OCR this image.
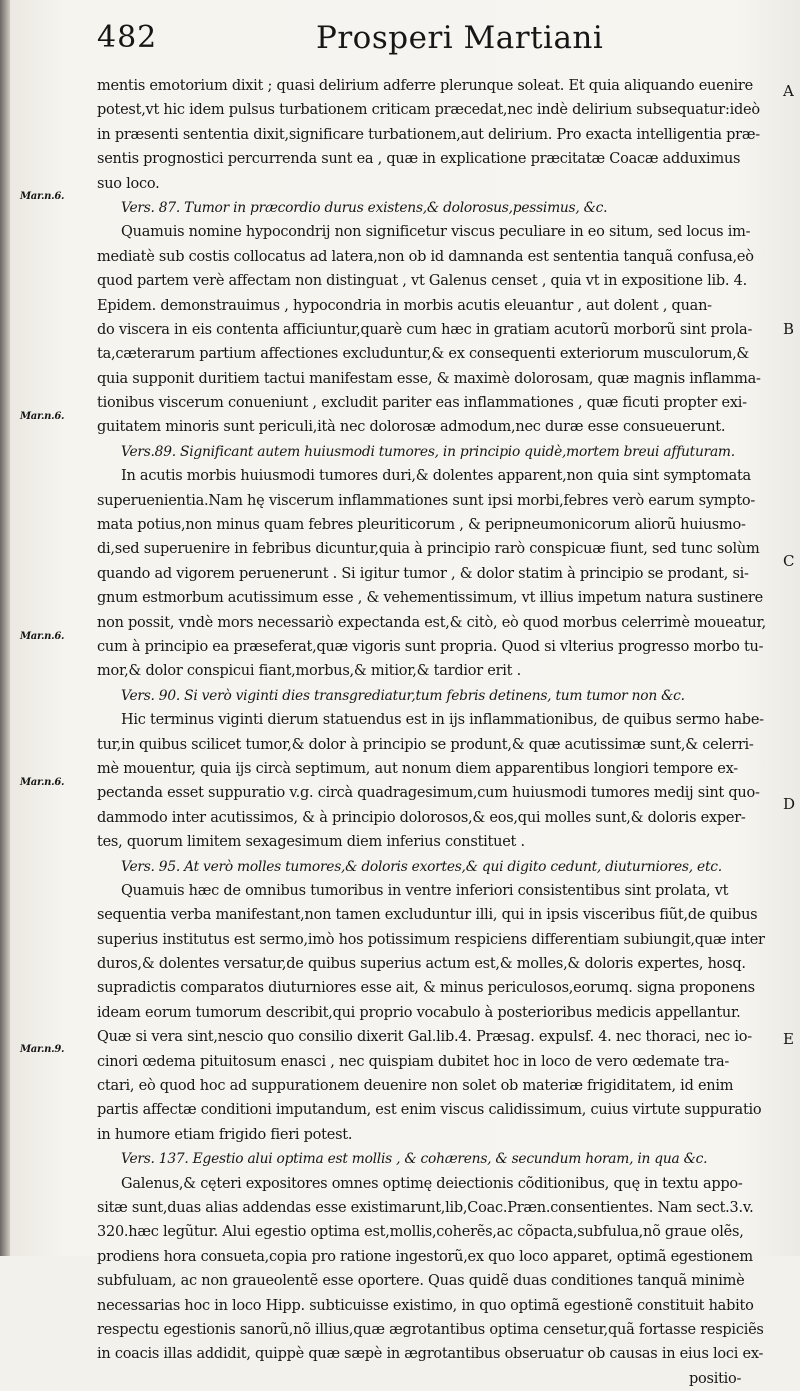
482	Prosperi Martiani
Mar.n.6.
Mar.n.6.
Mar.n.6.
Mar.n.6.
Mar.n.9.
A
B
C
D
E
mentis emotorium dixit ; quasi delirium adferre plerunque soleat. Et quia aliquando euenire
potest,vt hic idem pulsus turbationem criticam præcedat,nec indè delirium subsequatur:ideò
in præsenti sententia dixit,significare turbationem,aut delirium. Pro exacta intelligentia præ-
sentis prognostici percurrenda sunt ea , quæ in explicatione præcitatæ Coacæ adduximus
suo loco.
Vers. 87. Tumor in præcordio durus existens,& dolorosus,pessimus, &c.
Quamuis nomine hypocondrij non significetur viscus peculiare in eo situm, sed locus im-
mediatè sub costis collocatus ad latera,non ob id damnanda est sententia tanquã confusa,eò
quod partem verè affectam non distinguat , vt Galenus censet , quia vt in expositione lib. 4.
Epidem. demonstrauimus , hypocondria in morbis acutis eleuantur , aut dolent , quan-
do viscera in eis contenta afficiuntur,quarè cum hæc in gratiam acutorũ morborũ sint prola-
ta,cæterarum partium affectiones excluduntur,& ex consequenti exteriorum musculorum,&
quia supponit duritiem tactui manifestam esse, & maximè dolorosam, quæ magnis inflamma-
tionibus viscerum conueniunt , excludit pariter eas inflammationes , quæ ficuti propter exi-
guitatem minoris sunt periculi,ità nec dolorosæ admodum,nec duræ esse consueuerunt.
Vers.89. Significant autem huiusmodi tumores, in principio quidè,mortem breui affuturam.
In acutis morbis huiusmodi tumores duri,& dolentes apparent,non quia sint symptomata
superuenientia.Nam hę viscerum inflammationes sunt ipsi morbi,febres verò earum sympto-
mata potius,non minus quam febres pleuriticorum , & peripneumonicorum aliorũ huiusmo-
di,sed superuenire in febribus dicuntur,quia à principio rarò conspicuæ fiunt, sed tunc solùm
quando ad vigorem peruenerunt . Si igitur tumor , & dolor statim à principio se prodant, si-
gnum estmorbum acutissimum esse , & vehementissimum, vt illius impetum natura sustinere
non possit, vndè mors necessariò expectanda est,& citò, eò quod morbus celerrimè moueatur,
cum à principio ea præseferat,quæ vigoris sunt propria. Quod si vlterius progresso morbo tu-
mor,& dolor conspicui fiant,morbus,& mitior,& tardior erit .
Vers. 90. Si verò viginti dies transgrediatur,tum febris detinens, tum tumor non &c.
Hic terminus viginti dierum statuendus est in ijs inflammationibus, de quibus sermo habe-
tur,in quibus scilicet tumor,& dolor à principio se produnt,& quæ acutissimæ sunt,& celerri-
mè mouentur, quia ijs circà septimum, aut nonum diem apparentibus longiori tempore ex-
pectanda esset suppuratio v.g. circà quadragesimum,cum huiusmodi tumores medij sint quo-
dammodo inter acutissimos, & à principio dolorosos,& eos,qui molles sunt,& doloris exper-
tes, quorum limitem sexagesimum diem inferius constituet .
Vers. 95. At verò molles tumores,& doloris exortes,& qui digito cedunt, diuturniores, etc.
Quamuis hæc de omnibus tumoribus in ventre inferiori consistentibus sint prolata, vt
sequentia verba manifestant,non tamen excluduntur illi, qui in ipsis visceribus fiũt,de quibus
superius institutus est sermo,imò hos potissimum respiciens differentiam subiungit,quæ inter
duros,& dolentes versatur,de quibus superius actum est,& molles,& doloris expertes, hosq.
supradictis comparatos diuturniores esse ait, & minus periculosos,eorumq. signa proponens
ideam eorum tumorum describit,qui proprio vocabulo à posterioribus medicis appellantur.
Quæ si vera sint,nescio quo consilio dixerit Gal.lib.4. Præsag. expulsf. 4. nec thoraci, nec io-
cinori œdema pituitosum enasci , nec quispiam dubitet hoc in loco de vero œdemate tra-
ctari, eò quod hoc ad suppurationem deuenire non solet ob materiæ frigiditatem, id enim
partis affectæ conditioni imputandum, est enim viscus calidissimum, cuius virtute suppuratio
in humore etiam frigido fieri potest.
Vers. 137. Egestio alui optima est mollis , & cohærens, & secundum horam, in qua &c.
Galenus,& cęteri expositores omnes optimę deiectionis cõditionibus, quę in textu appo-
sitæ sunt,duas alias addendas esse existimarunt,lib,Coac.Præn.consentientes. Nam sect.3.v.
320.hæc legũtur. Alui egestio optima est,mollis,coherẽs,ac cõpacta,subfulua,nõ graue olẽs,
prodiens hora consueta,copia pro ratione ingestorũ,ex quo loco apparet, optimã egestionem
subfuluam, ac non graueolentẽ esse oportere. Quas quidẽ duas conditiones tanquã minimè
necessarias hoc in loco Hipp. subticuisse existimo, in quo optimã egestionẽ constituit habito
respectu egestionis sanorũ,nõ illius,quæ ægrotantibus optima censetur,quã fortasse respiciẽs
in coacis illas addidit, quippè quæ sæpè in ægrotantibus obseruatur ob causas in eius loci ex-
positio-
